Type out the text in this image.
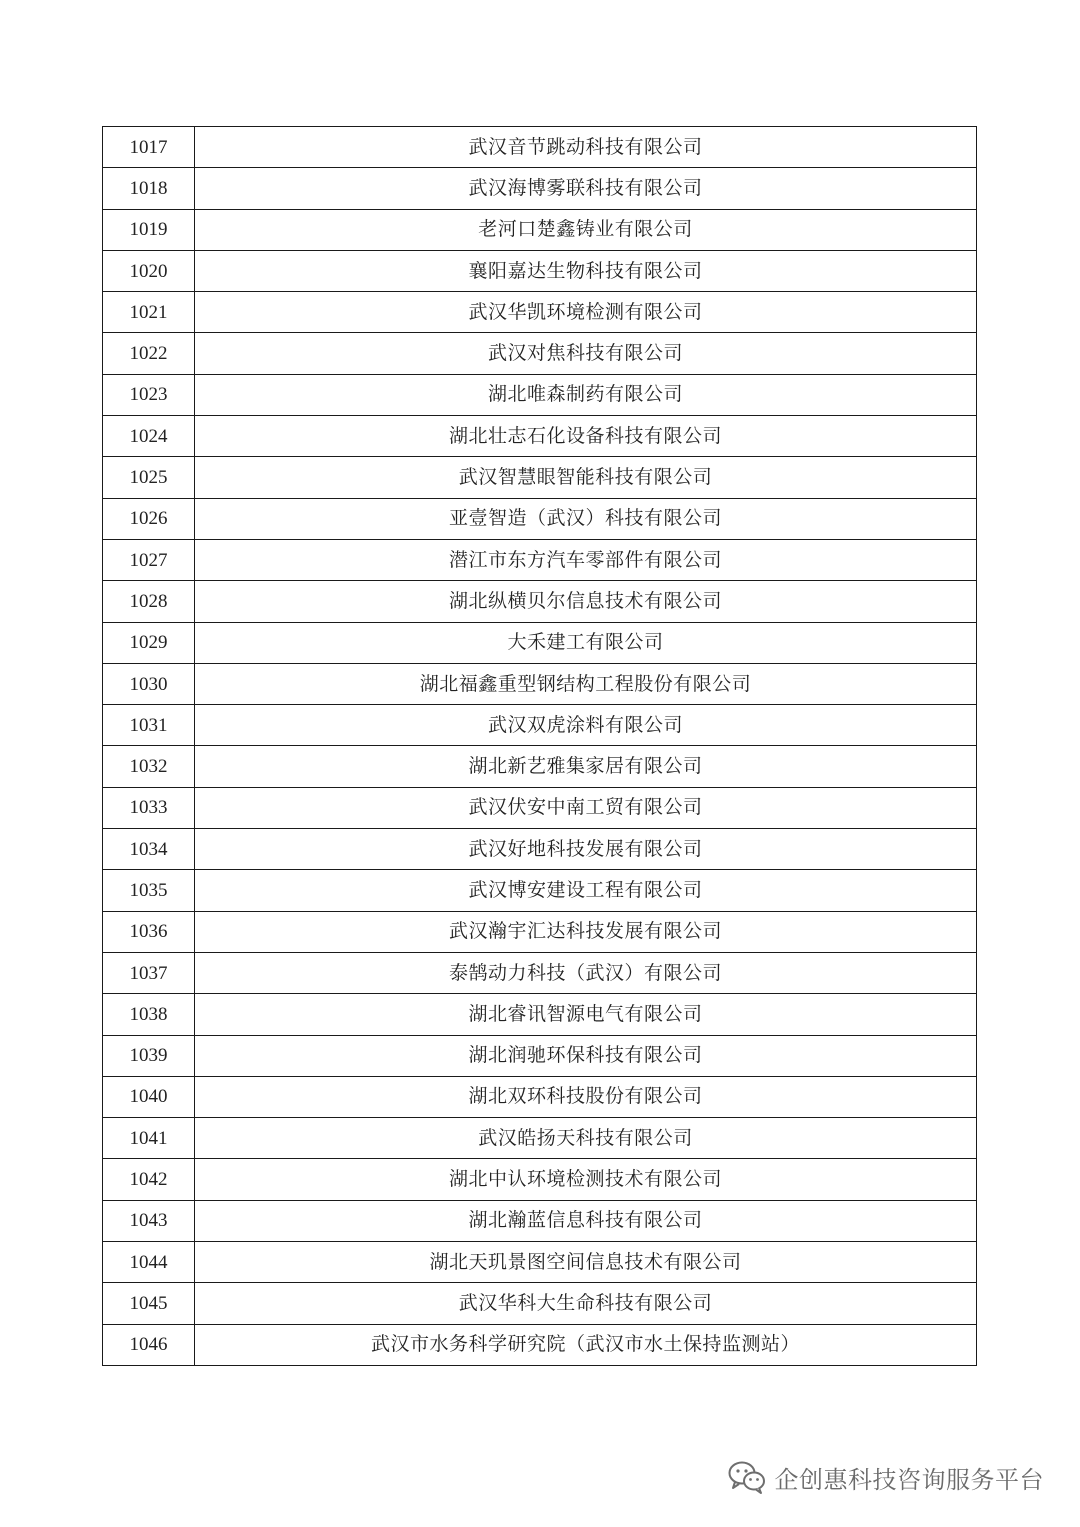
1017	武汉音节跳动科技有限公司
1018	武汉海博雾联科技有限公司
1019	老河口楚鑫铸业有限公司
1020	襄阳嘉达生物科技有限公司
1021	武汉华凯环境检测有限公司
1022	武汉对焦科技有限公司
1023	湖北唯森制药有限公司
1024	湖北壮志石化设备科技有限公司
1025	武汉智慧眼智能科技有限公司
1026	亚壹智造（武汉）科技有限公司
1027	潜江市东方汽车零部件有限公司
1028	湖北纵横贝尔信息技术有限公司
1029	大禾建工有限公司
1030	湖北福鑫重型钢结构工程股份有限公司
1031	武汉双虎涂料有限公司
1032	湖北新艺雅集家居有限公司
1033	武汉伏安中南工贸有限公司
1034	武汉好地科技发展有限公司
1035	武汉博安建设工程有限公司
1036	武汉瀚宇汇达科技发展有限公司
1037	泰鹄动力科技（武汉）有限公司
1038	湖北睿讯智源电气有限公司
1039	湖北润驰环保科技有限公司
1040	湖北双环科技股份有限公司
1041	武汉皓扬天科技有限公司
1042	湖北中认环境检测技术有限公司
1043	湖北瀚蓝信息科技有限公司
1044	湖北天玑景图空间信息技术有限公司
1045	武汉华科大生命科技有限公司
1046	武汉市水务科学研究院（武汉市水土保持监测站）
企创惠科技咨询服务平台
